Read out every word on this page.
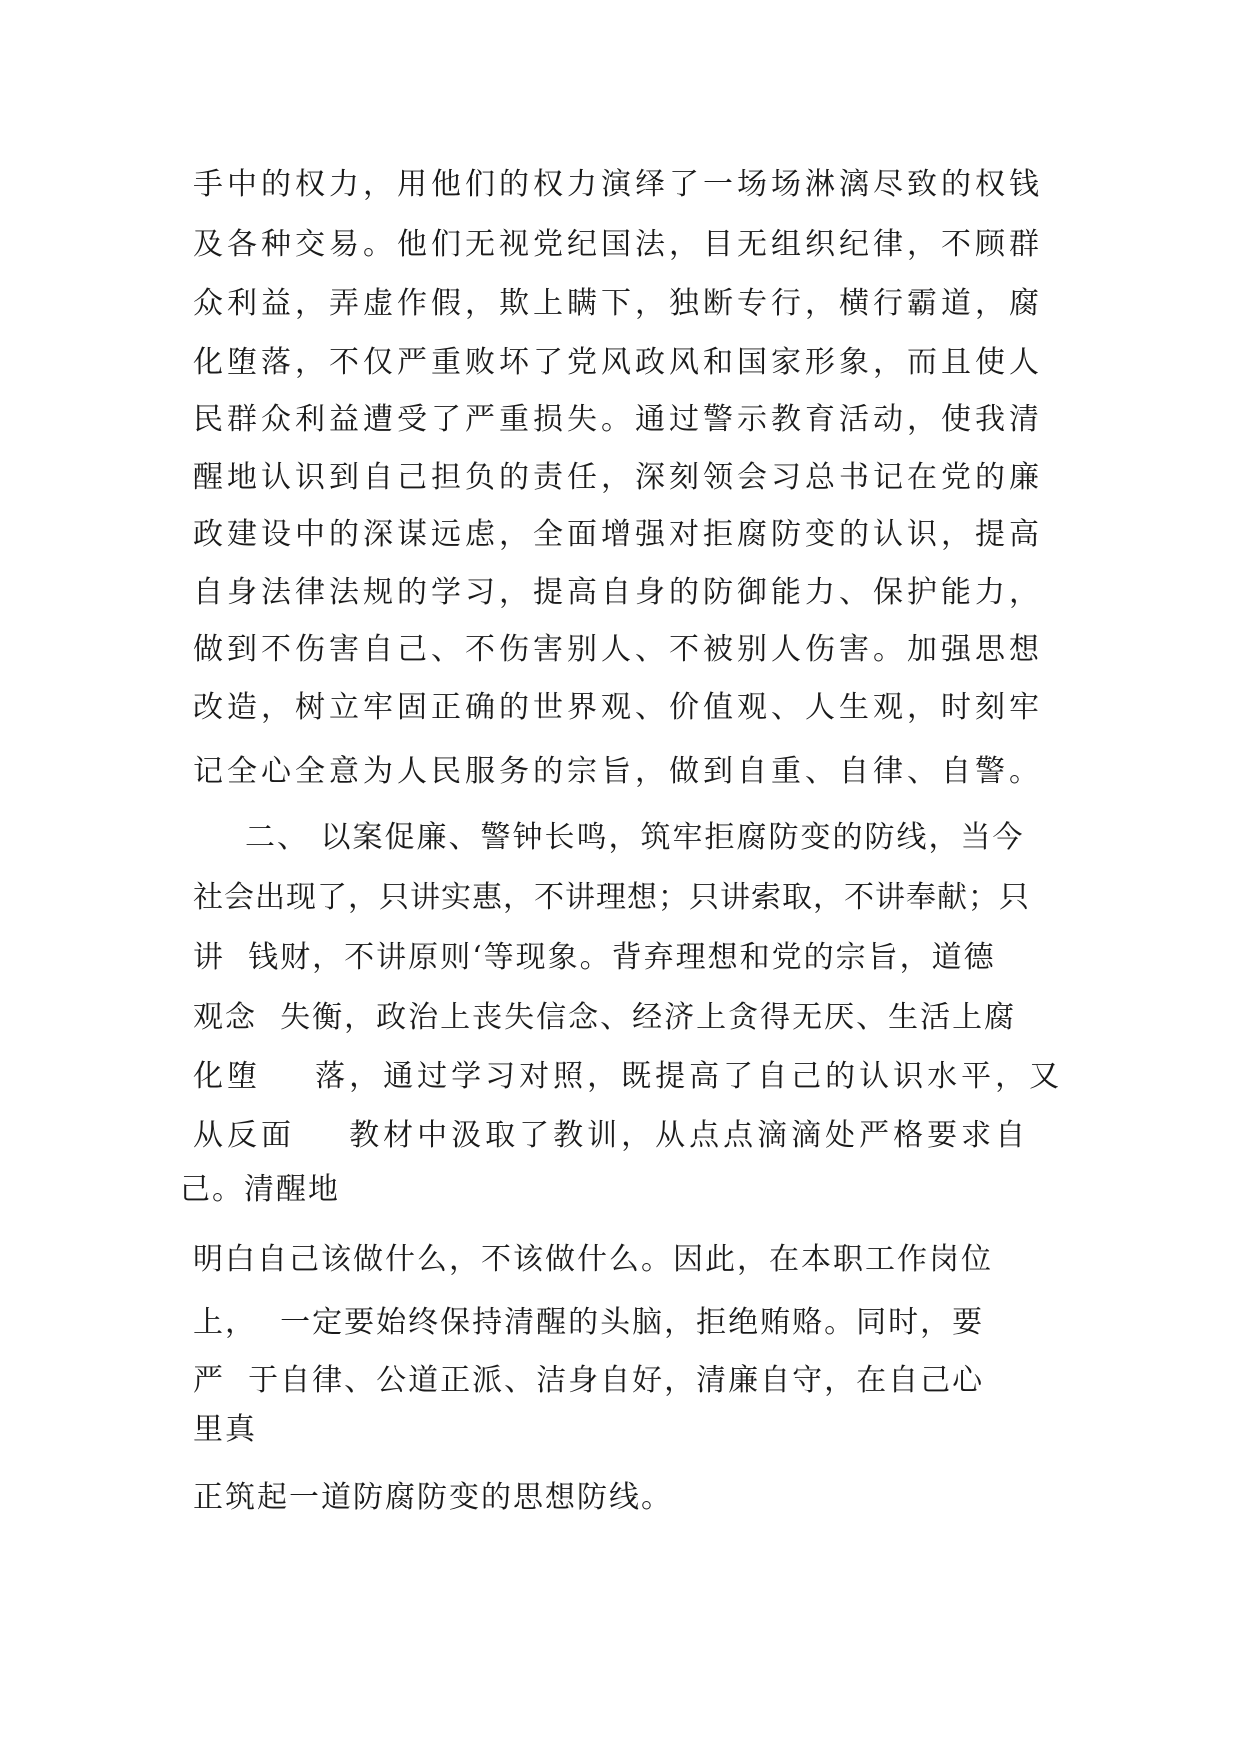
手中的权力，用他们的权力演绎了一场场淋漓尽致的权钱

及各种交易。他们无视党纪国法，目无组织纪律，不顾群

众利益，弄虚作假，欺上瞒下，独断专行，横行霸道，腐

化堕落，不仅严重败坏了党风政风和国家形象，而且使人

民群众利益遭受了严重损失。通过警示教育活动，使我清

醒地认识到自己担负的责任，深刻领会习总书记在党的廉

政建设中的深谋远虑，全面增强对拒腐防变的认识，提高

自身法律法规的学习，提高自身的防御能力、保护能力，

做到不伤害自己、不伤害别人、不被别人伤害。加强思想

改造，树立牢固正确的世界观、价值观、人生观，时刻牢

记全心全意为人民服务的宗旨，做到自重、自律、自警。

二、 以案促廉、警钟长鸣，筑牢拒腐防变的防线，当今

社会出现了，只讲实惠，不讲理想；只讲索取，不讲奉献；只

讲  钱财，不讲原则‘等现象。背弃理想和党的宗旨，道德

观念  失衡，政治上丧失信念、经济上贪得无厌、生活上腐

化堕    落，通过学习对照，既提高了自己的认识水平，又

从反面    教材中汲取了教训，从点点滴滴处严格要求自

己。清醒地

明白自己该做什么，不该做什么。因此，在本职工作岗位

上，  一定要始终保持清醒的头脑，拒绝贿赂。同时，要

严  于自律、公道正派、洁身自好，清廉自守，在自己心

里真

正筑起一道防腐防变的思想防线。
